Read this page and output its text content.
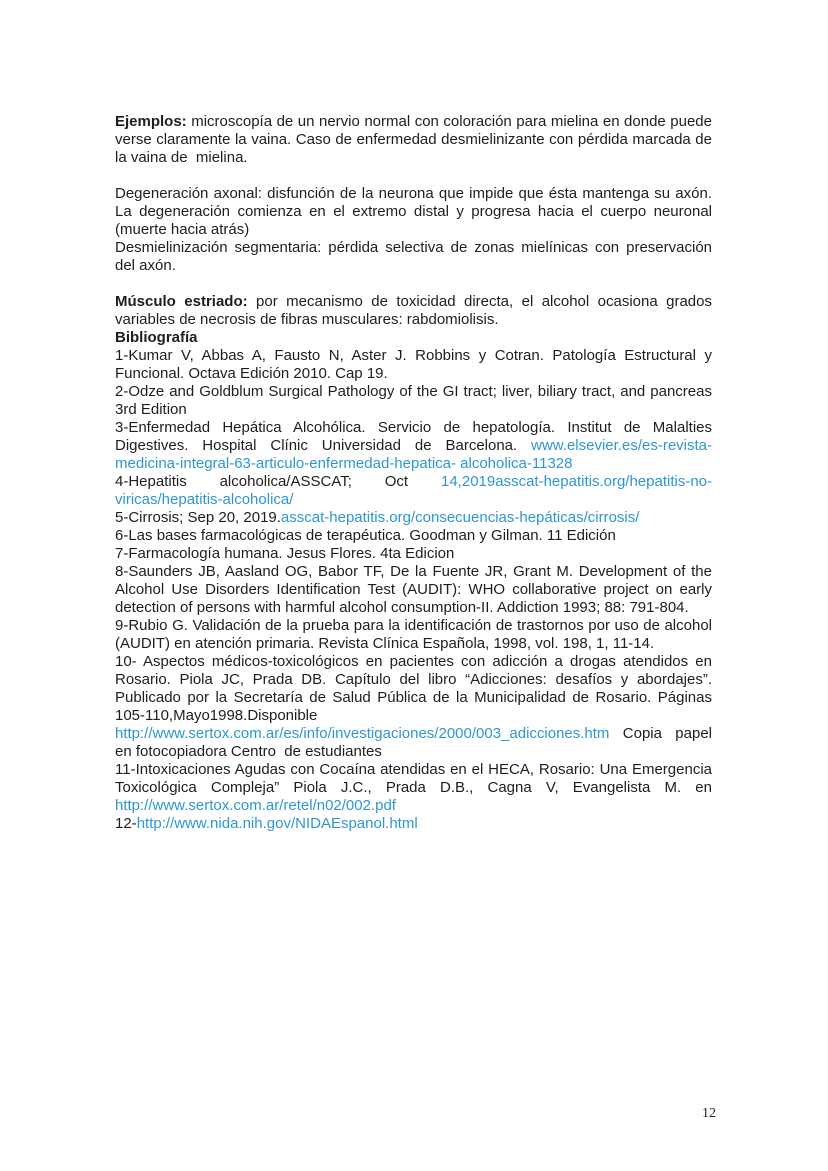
Ejemplos: microscopía de un nervio normal con coloración para mielina en donde puede verse claramente la vaina. Caso de enfermedad desmielinizante con pérdida marcada de la vaina de  mielina.

Degeneración axonal: disfunción de la neurona que impide que ésta mantenga su axón. La degeneración comienza en el extremo distal y progresa hacia el cuerpo neuronal (muerte hacia atrás)
Desmielinización segmentaria: pérdida selectiva de zonas mielínicas con preservación del axón.

Músculo estriado: por mecanismo de toxicidad directa, el alcohol ocasiona grados variables de necrosis de fibras musculares: rabdomiolisis.

Bibliografía

1-Kumar V, Abbas A, Fausto N, Aster J. Robbins y Cotran. Patología Estructural y Funcional. Octava Edición 2010. Cap 19.

2-Odze and Goldblum Surgical Pathology of the GI tract; liver, biliary tract, and pancreas 3rd Edition

3-Enfermedad Hepática Alcohólica. Servicio de hepatología. Institut de Malalties Digestives. Hospital Clínic Universidad de Barcelona. www.elsevier.es/es-revista-medicina-integral-63-articulo-enfermedad-hepatica- alcoholica-11328

4-Hepatitis alcoholica/ASSCAT; Oct 14,2019asscat-hepatitis.org/hepatitis-no-viricas/hepatitis-alcoholica/

5-Cirrosis; Sep 20, 2019.asscat-hepatitis.org/consecuencias-hepáticas/cirrosis/

6-Las bases farmacológicas de terapéutica. Goodman y Gilman. 11 Edición

7-Farmacología humana. Jesus Flores. 4ta Edicion

8-Saunders JB, Aasland OG, Babor TF, De la Fuente JR, Grant M. Development of the Alcohol Use Disorders Identification Test (AUDIT): WHO collaborative project on early detection of persons with harmful alcohol consumption-II. Addiction 1993; 88: 791-804.

9-Rubio G. Validación de la prueba para la identificación de trastornos por uso de alcohol (AUDIT) en atención primaria. Revista Clínica Española, 1998, vol. 198, 1, 11-14.

10- Aspectos médicos-toxicológicos en pacientes con adicción a drogas atendidos en Rosario. Piola JC, Prada DB. Capítulo del libro “Adicciones: desafíos y abordajes”. Publicado por la Secretaría de Salud Pública de la Municipalidad de Rosario. Páginas 105-110,Mayo1998.Disponible http://www.sertox.com.ar/es/info/investigaciones/2000/003_adicciones.htm Copia papel en fotocopiadora Centro  de estudiantes

11-Intoxicaciones Agudas con Cocaína atendidas en el HECA, Rosario: Una Emergencia Toxicológica Compleja” Piola J.C., Prada D.B., Cagna V, Evangelista M. en http://www.sertox.com.ar/retel/n02/002.pdf

12-http://www.nida.nih.gov/NIDAEspanol.html

12
